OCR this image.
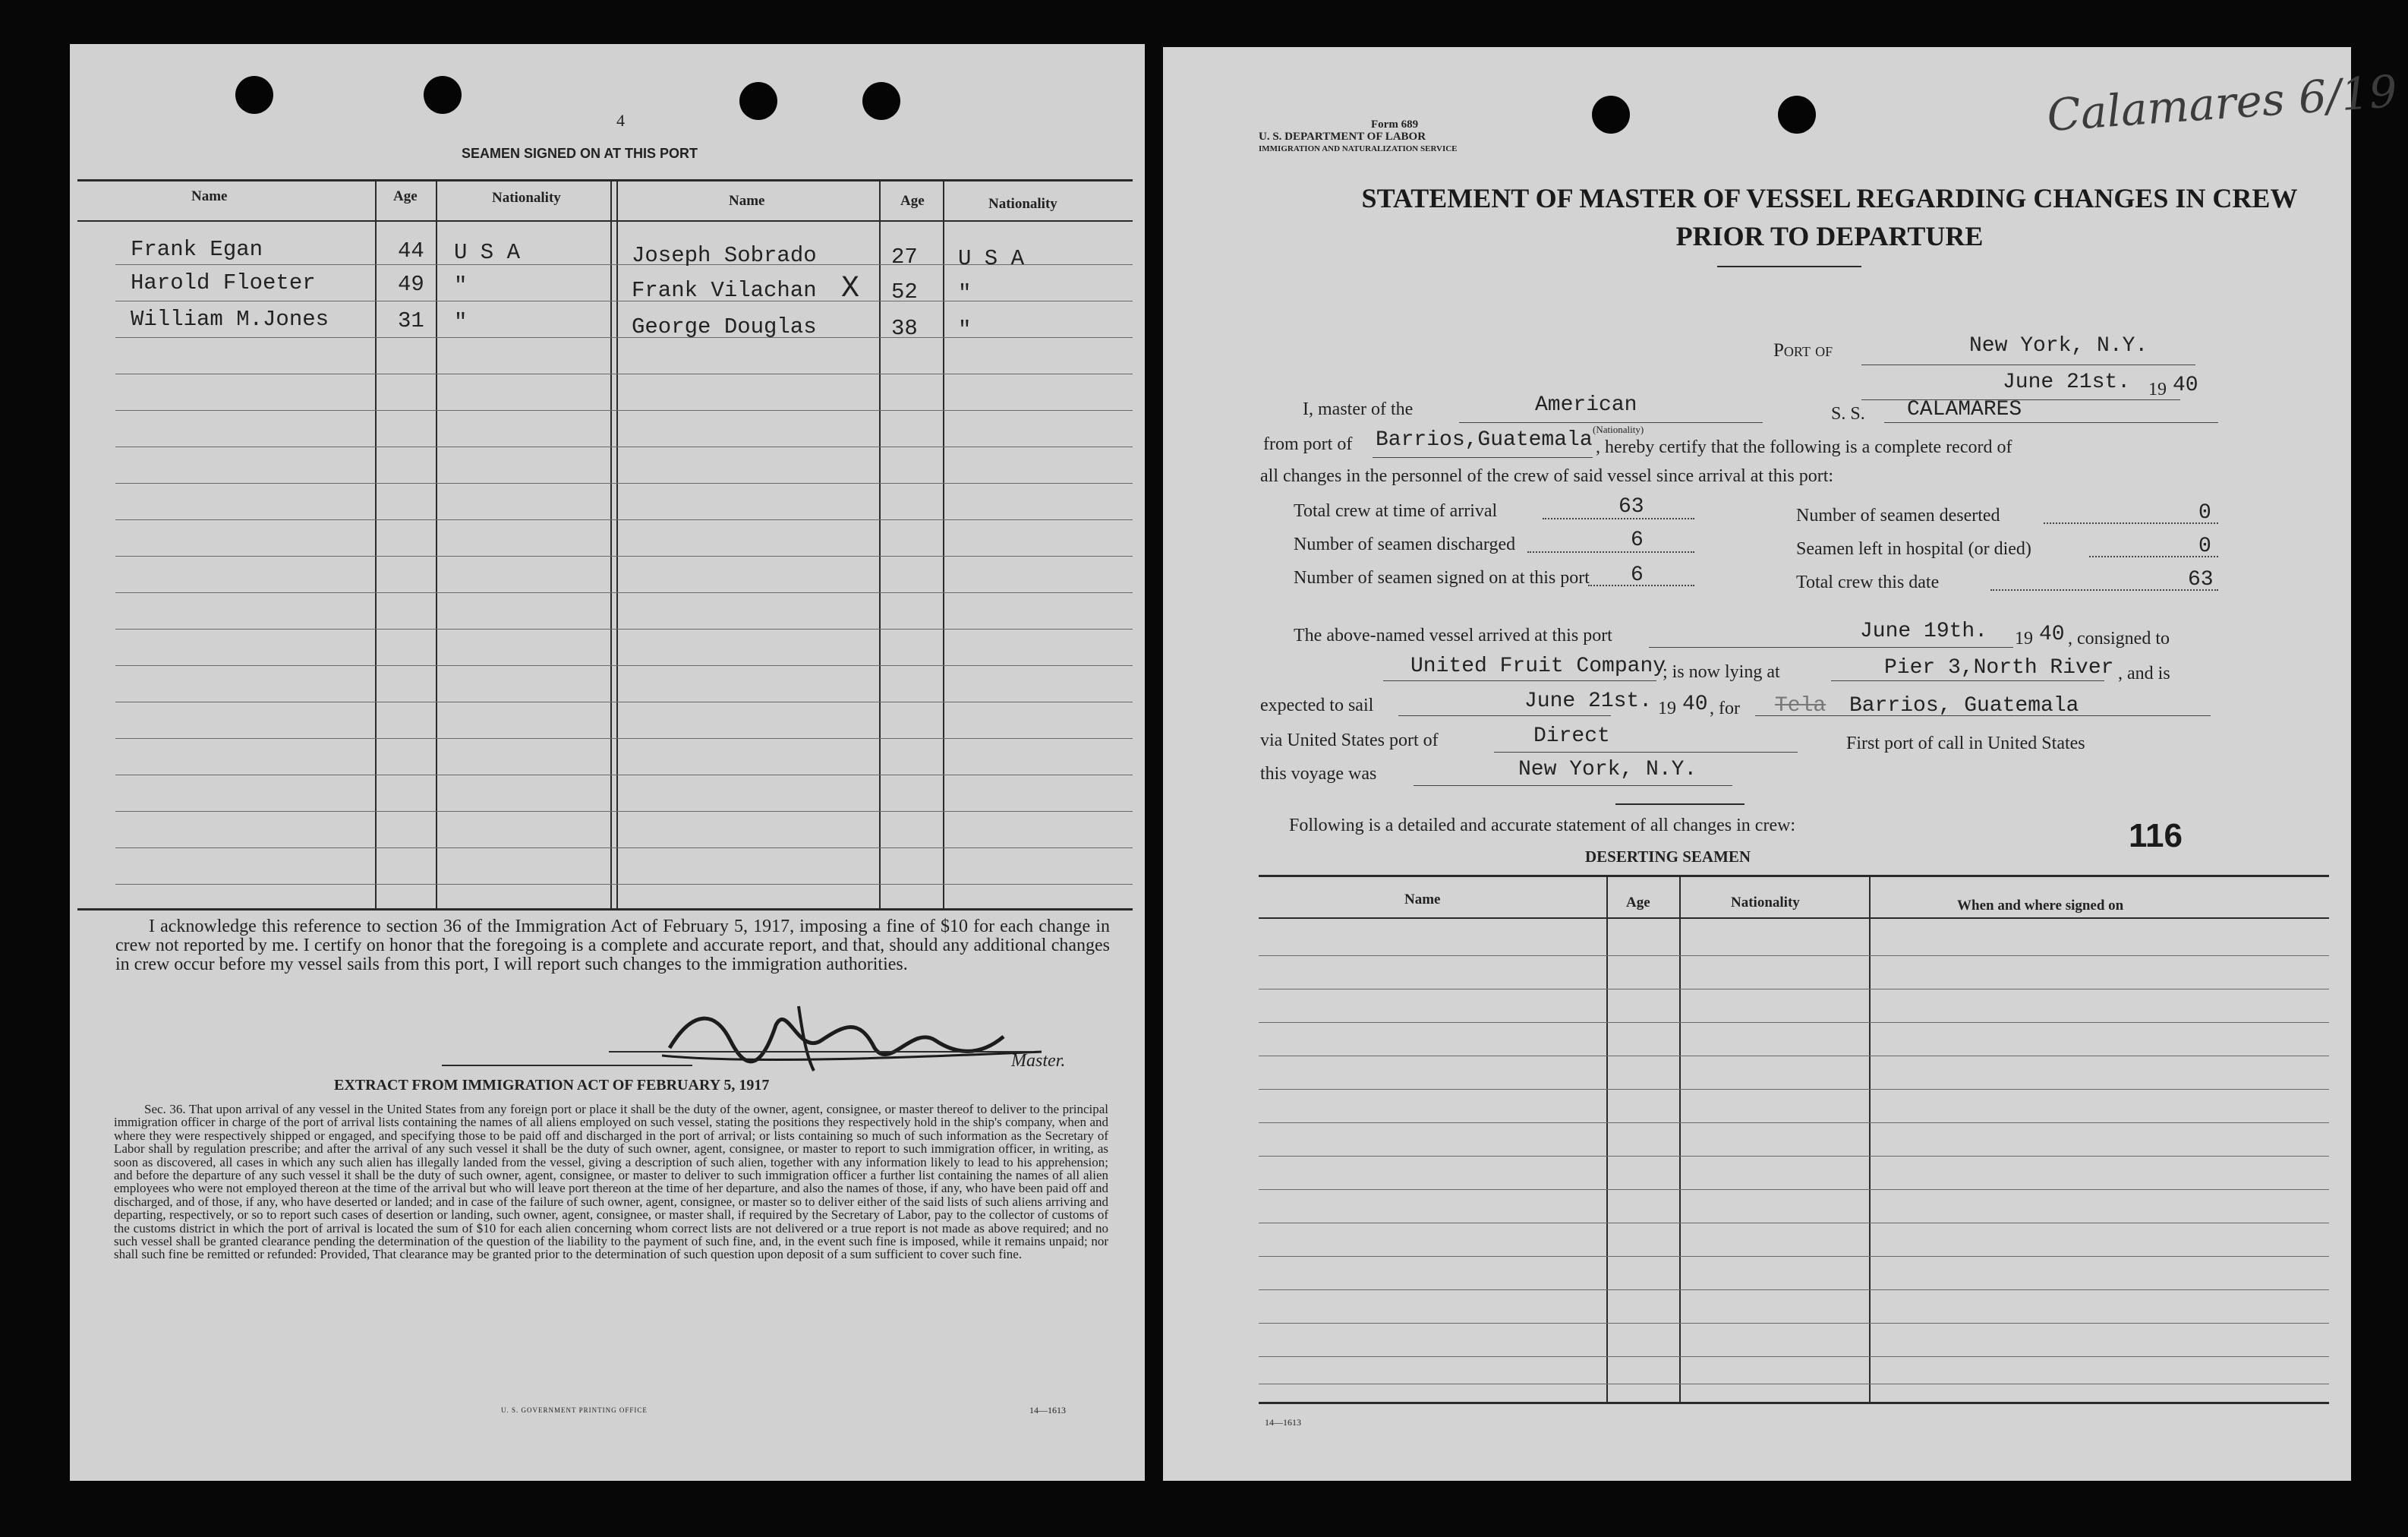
4
SEAMEN SIGNED ON AT THIS PORT
Name	Age	Nationality	Name	Age	Nationality
Frank Egan	44 U S A
Harold Floeter	49 "
William M.Jones	31 "
Joseph Sobrado	27 U S A
Frank Vilachan X 52 "
George Douglas	38 "
I acknowledge this reference to section 36 of the Immigration Act of February 5, 1917, imposing a fine of $10 for each change in crew not reported by me. I certify on honor that the foregoing is a complete and accurate report, and that, should any additional changes in crew occur before my vessel sails from this port, I will report such changes to the immigration authorities.
Master.
EXTRACT FROM IMMIGRATION ACT OF FEBRUARY 5, 1917
Sec. 36. That upon arrival of any vessel in the United States from any foreign port or place it shall be the duty of the owner, agent, consignee, or master thereof to deliver to the principal immigration officer in charge of the port of arrival lists containing the names of all aliens employed on such vessel, stating the positions they respectively hold in the ship's company, when and where they were respectively shipped or engaged, and specifying those to be paid off and discharged in the port of arrival; or lists containing so much of such information as the Secretary of Labor shall by regulation prescribe; and after the arrival of any such vessel it shall be the duty of such owner, agent, consignee, or master to report to such immigration officer, in writing, as soon as discovered, all cases in which any such alien has illegally landed from the vessel, giving a description of such alien, together with any information likely to lead to his apprehension; and before the departure of any such vessel it shall be the duty of such owner, agent, consignee, or master to deliver to such immigration officer a further list containing the names of all alien employees who were not employed thereon at the time of the arrival but who will leave port thereon at the time of her departure, and also the names of those, if any, who have been paid off and discharged, and of those, if any, who have deserted or landed; and in case of the failure of such owner, agent, consignee, or master so to deliver either of the said lists of such aliens arriving and departing, respectively, or so to report such cases of desertion or landing, such owner, agent, consignee, or master shall, if required by the Secretary of Labor, pay to the collector of customs of the customs district in which the port of arrival is located the sum of $10 for each alien concerning whom correct lists are not delivered or a true report is not made as above required; and no such vessel shall be granted clearance pending the determination of the question of the liability to the payment of such fine, and, in the event such fine is imposed, while it remains unpaid; nor shall such fine be remitted or refunded: Provided, That clearance may be granted prior to the determination of such question upon deposit of a sum sufficient to cover such fine.
U. S. GOVERNMENT PRINTING OFFICE	14—1613
Form 689
U. S. DEPARTMENT OF LABOR
IMMIGRATION AND NATURALIZATION SERVICE
Calamares 6/19
STATEMENT OF MASTER OF VESSEL REGARDING CHANGES IN CREW
PRIOR TO DEPARTURE
Port of	New York, N.Y.
June 21st. 19 40
I, master of the	American
(Nationality)
S. S. CALAMARES
from port of Barrios,Guatemala , hereby certify that the following is a complete record of
all changes in the personnel of the crew of said vessel since arrival at this port:
Total crew at time of arrival	63
Number of seamen discharged	6
Number of seamen signed on at this port 6
Number of seamen deserted	0
Seamen left in hospital (or died)	0
Total crew this date	63
The above-named vessel arrived at this port	June 19th. 19 40 , consigned to
United Fruit Company
; is now lying at	Pier 3,North River , and is
expected to sail	June 21st. 19 40 , for Tela Barrios, Guatemala
via United States port of	Direct	First port of call in United States
this voyage was	New York, N.Y.
Following is a detailed and accurate statement of all changes in crew:	116
DESERTING SEAMEN
Name	Age	Nationality	When and where signed on
14—1613
